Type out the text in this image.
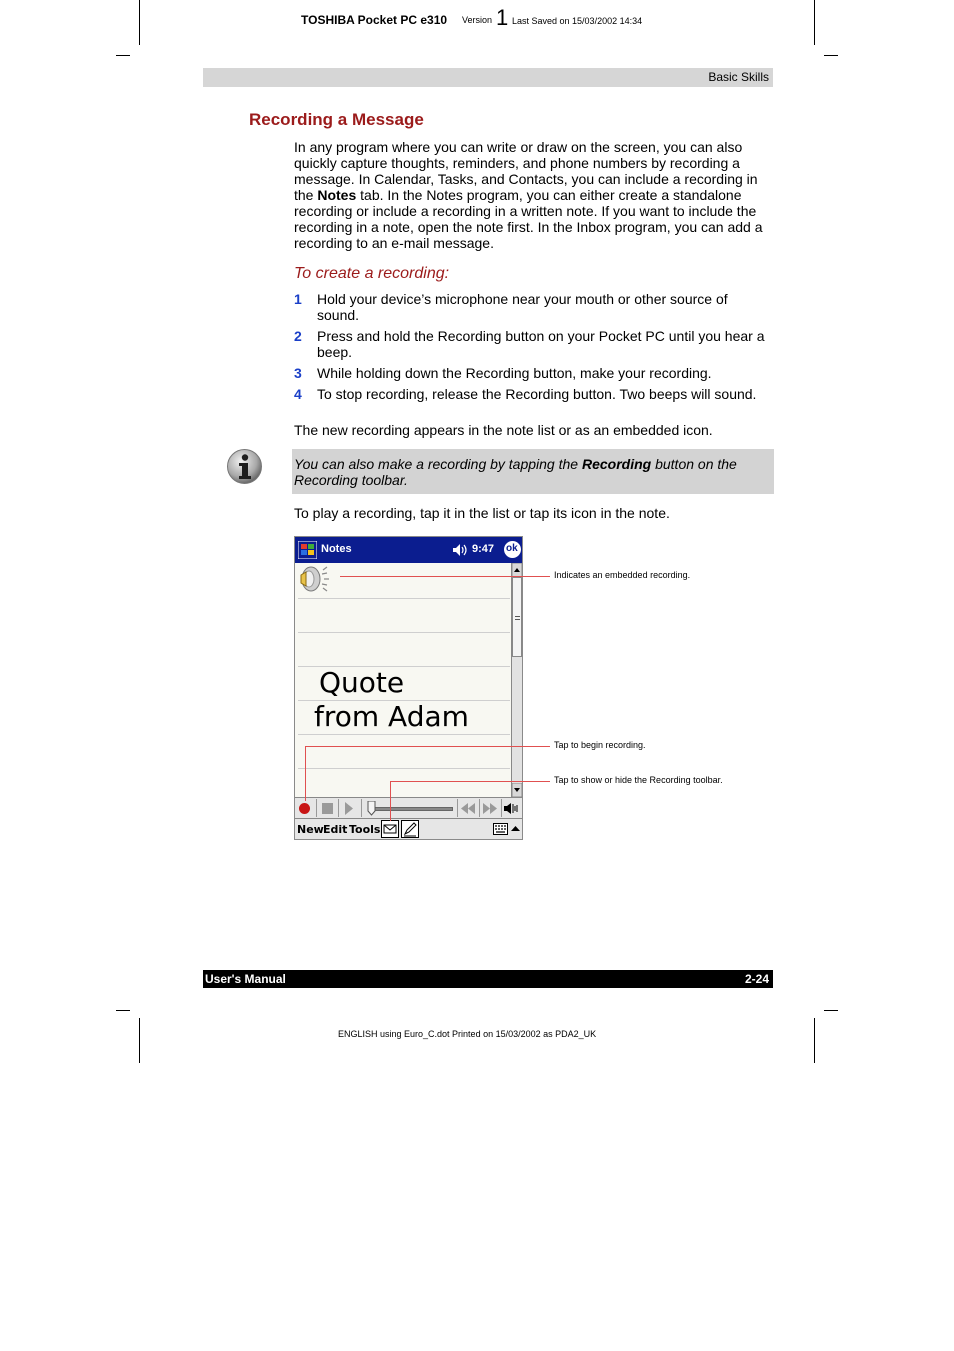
TOSHIBA Pocket PC e310 Version 1 Last Saved on 15/03/2002 14:34
Basic Skills
Recording a Message
In any program where you can write or draw on the screen, you can also quickly capture thoughts, reminders, and phone numbers by recording a message. In Calendar, Tasks, and Contacts, you can include a recording in the Notes tab. In the Notes program, you can either create a standalone recording or include a recording in a written note. If you want to include the recording in a note, open the note first. In the Inbox program, you can add a recording to an e-mail message.
To create a recording:
1 Hold your device’s microphone near your mouth or other source of sound.
2 Press and hold the Recording button on your Pocket PC until you hear a beep.
3 While holding down the Recording button, make your recording.
4 To stop recording, release the Recording button. Two beeps will sound.
The new recording appears in the note list or as an embedded icon.
You can also make a recording by tapping the Recording button on the Recording toolbar.
To play a recording, tap it in the list or tap its icon in the note.
Notes	9:47 ok
Quote
from Adam
New Edit Tools
Indicates an embedded recording.
Tap to begin recording.
Tap to show or hide the Recording toolbar.
User's Manual	2-24
ENGLISH using Euro_C.dot Printed on 15/03/2002 as PDA2_UK
